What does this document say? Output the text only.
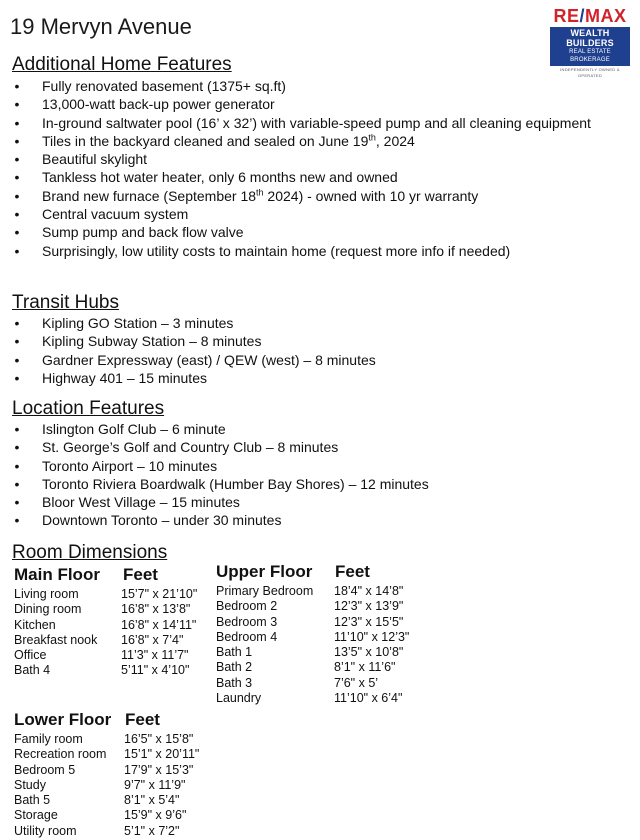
19 Mervyn Avenue	RE/MAX
WEALTH BUILDERS
REAL ESTATE BROKERAGE
INDEPENDENTLY OWNED & OPERATED
Additional Home Features
• Fully renovated basement (1375+ sq.ft)
• 13,000-watt back-up power generator
• In-ground saltwater pool (16’ x 32’) with variable-speed pump and all cleaning equipment
• Tiles in the backyard cleaned and sealed on June 19th, 2024
• Beautiful skylight
• Tankless hot water heater, only 6 months new and owned
• Brand new furnace (September 18th 2024) - owned with 10 yr warranty
• Central vacuum system
• Sump pump and back flow valve
• Surprisingly, low utility costs to maintain home (request more info if needed)
Transit Hubs
• Kipling GO Station – 3 minutes
• Kipling Subway Station – 8 minutes
• Gardner Expressway (east) / QEW (west) – 8 minutes
• Highway 401 – 15 minutes
Location Features
• Islington Golf Club – 6 minute
• St. George’s Golf and Country Club – 8 minutes
• Toronto Airport – 10 minutes
• Toronto Riviera Boardwalk (Humber Bay Shores) – 12 minutes
• Bloor West Village – 15 minutes
• Downtown Toronto – under 30 minutes
Room Dimensions
Main Floor Feet
Living room	15’7" x 21’10"
Dining room	16’8" x 13’8"
Kitchen	16’8" x 14’11"
Breakfast nook 16’8" x 7’4"
Office	11’3" x 11’7"
Bath 4	5’11" x 4’10"
Upper Floor Feet
Primary Bedroom 18’4" x 14’8"
Bedroom 2	12’3" x 13’9"
Bedroom 3	12’3" x 15’5"
Bedroom 4	11’10" x 12’3"
Bath 1	13’5" x 10’8"
Bath 2	8’1" x 11’6"
Bath 3	7’6" x 5’
Laundry	11’10" x 6’4"
Lower Floor Feet
Family room	16’5" x 15’8"
Recreation room 15’1" x 20’11"
Bedroom 5	17’9" x 15’3"
Study	9’7" x 11’9"
Bath 5	8’1" x 5’4"
Storage	15’9" x 9’6"
Utility room	5’1" x 7’2"
